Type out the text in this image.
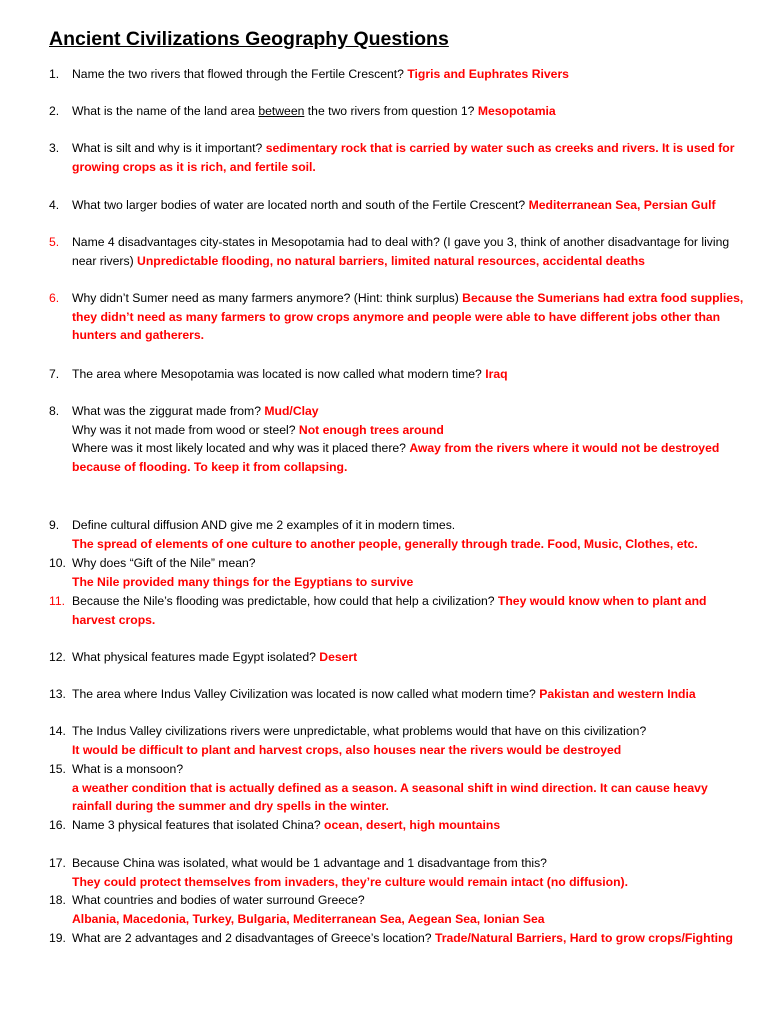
Ancient Civilizations Geography Questions
1.	Name the two rivers that flowed through the Fertile Crescent? Tigris and Euphrates Rivers
2.	What is the name of the land area between the two rivers from question 1? Mesopotamia
3.	What is silt and why is it important? sedimentary rock that is carried by water such as creeks and rivers. It is used for growing crops as it is rich, and fertile soil.
4.	What two larger bodies of water are located north and south of the Fertile Crescent? Mediterranean Sea, Persian Gulf
5.	Name 4 disadvantages city-states in Mesopotamia had to deal with? (I gave you 3, think of another disadvantage for living near rivers) Unpredictable flooding, no natural barriers, limited natural resources, accidental deaths
6.	Why didn’t Sumer need as many farmers anymore? (Hint: think surplus) Because the Sumerians had extra food supplies, they didn’t need as many farmers to grow crops anymore and people were able to have different jobs other than hunters and gatherers.
7.	The area where Mesopotamia was located is now called what modern time? Iraq
8.	What was the ziggurat made from? Mud/Clay
Why was it not made from wood or steel? Not enough trees around
Where was it most likely located and why was it placed there? Away from the rivers where it would not be destroyed because of flooding. To keep it from collapsing.
9.	Define cultural diffusion AND give me 2 examples of it in modern times.
The spread of elements of one culture to another people, generally through trade. Food, Music, Clothes, etc.
10. Why does “Gift of the Nile” mean?
The Nile provided many things for the Egyptians to survive
11. Because the Nile’s flooding was predictable, how could that help a civilization? They would know when to plant and harvest crops.
12. What physical features made Egypt isolated? Desert
13. The area where Indus Valley Civilization was located is now called what modern time? Pakistan and western India
14. The Indus Valley civilizations rivers were unpredictable, what problems would that have on this civilization?
It would be difficult to plant and harvest crops, also houses near the rivers would be destroyed
15. What is a monsoon?
a weather condition that is actually defined as a season. A seasonal shift in wind direction. It can cause heavy rainfall during the summer and dry spells in the winter.
16. Name 3 physical features that isolated China? ocean, desert, high mountains
17. Because China was isolated, what would be 1 advantage and 1 disadvantage from this?
They could protect themselves from invaders, they’re culture would remain intact (no diffusion).
18. What countries and bodies of water surround Greece?
Albania, Macedonia, Turkey, Bulgaria, Mediterranean Sea, Aegean Sea, Ionian Sea
19. What are 2 advantages and 2 disadvantages of Greece’s location? Trade/Natural Barriers, Hard to grow crops/Fighting
